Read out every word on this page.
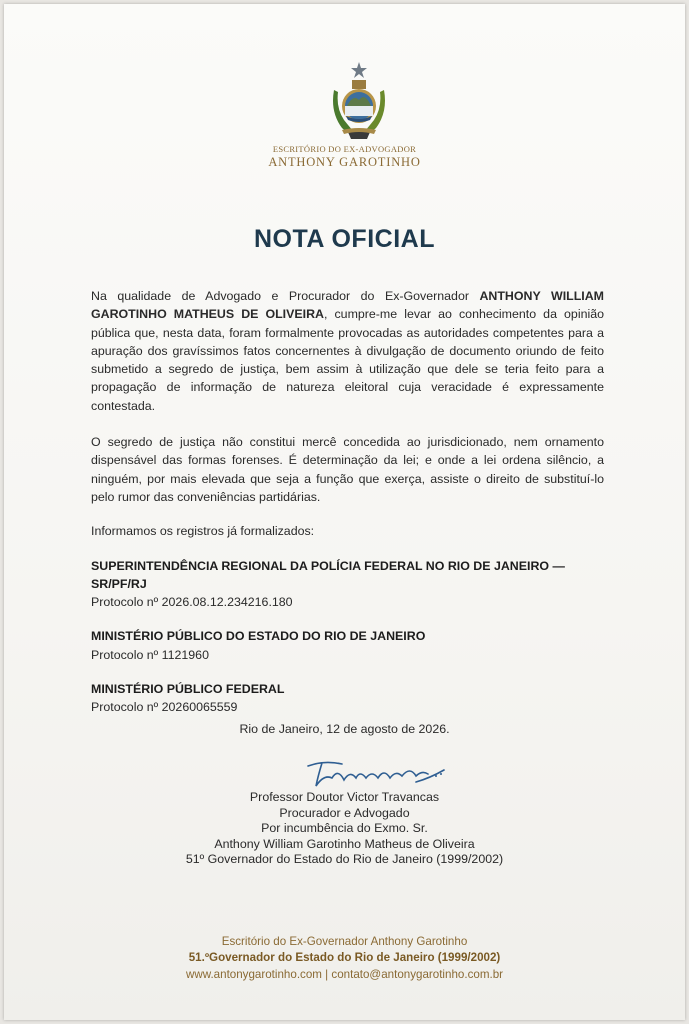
ESCRITÓRIO DO EX-ADVOGADOR
ANTHONY GAROTINHO
NOTA OFICIAL

Na qualidade de Advogado e Procurador do Ex-Governador ANTHONY WILLIAM GAROTINHO MATHEUS DE OLIVEIRA, cumpre-me levar ao conhecimento da opinião pública que, nesta data, foram formalmente provocadas as autoridades competentes para a apuração dos gravíssimos fatos concernentes à divulgação de documento oriundo de feito submetido a segredo de justiça, bem assim à utilização que dele se teria feito para a propagação de informação de natureza eleitoral cuja veracidade é expressamente contestada.

O segredo de justiça não constitui mercê concedida ao jurisdicionado, nem ornamento dispensável das formas forenses. É determinação da lei; e onde a lei ordena silêncio, a ninguém, por mais elevada que seja a função que exerça, assiste o direito de substituí-lo pelo rumor das conveniências partidárias.

Informamos os registros já formalizados:

SUPERINTENDÊNCIA REGIONAL DA POLÍCIA FEDERAL NO RIO DE JANEIRO — SR/PF/RJ
Protocolo nº 2026.08.12.234216.180
MINISTÉRIO PÚBLICO DO ESTADO DO RIO DE JANEIRO
Protocolo nº 1121960
MINISTÉRIO PÚBLICO FEDERAL
Protocolo nº 20260065559
Rio de Janeiro, 12 de agosto de 2026.
Professor Doutor Victor Travancas
Procurador e Advogado
Por incumbência do Exmo. Sr.
Anthony William Garotinho Matheus de Oliveira
51º Governador do Estado do Rio de Janeiro (1999/2002)
Escritório do Ex-Governador Anthony Garotinho
51.ºGovernador do Estado do Rio de Janeiro (1999/2002)
www.antonygarotinho.com | contato@antonygarotinho.com.br
